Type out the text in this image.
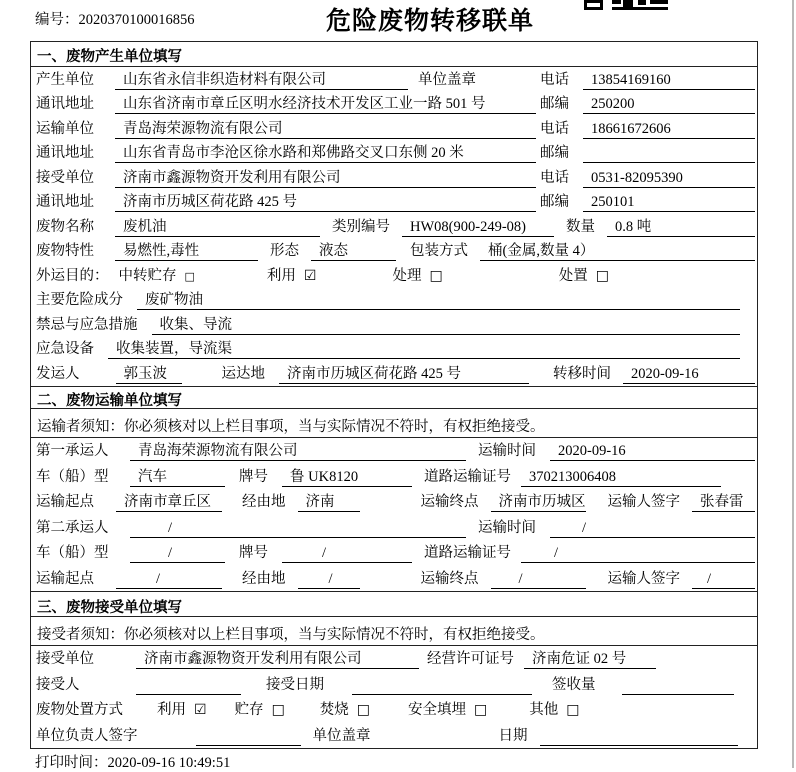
编号：2020370100016856	危险废物转移联单
一、废物产生单位填写
产生单位	山东省永信非织造材料有限公司	单位盖章	电话	13854169160
通讯地址	山东省济南市章丘区明水经济技术开发区工业一路 501 号	邮编	250200
运输单位	青岛海荣源物流有限公司	电话	18661672606
通讯地址	山东省青岛市李沧区徐水路和郑佛路交叉口东侧 20 米	邮编
接受单位	济南市鑫源物资开发利用有限公司	电话	0531-82095390
通讯地址	济南市历城区荷花路 425 号	邮编	250101
废物名称	废机油	类别编号	HW08(900-249-08)	数量	0.8 吨
废物特性	易燃性,毒性	形态	液态	包装方式	桶(金属,数量 4）
外运目的： 中转贮存 □	利用 ☑	处理 □	处置 □
主要危险成分	废矿物油
禁忌与应急措施	收集、导流
应急设备	收集装置，导流渠
发运人	郭玉波	运达地	济南市历城区荷花路 425 号	转移时间	2020-09-16
二、废物运输单位填写
运输者须知：你必须核对以上栏目事项，当与实际情况不符时，有权拒绝接受。
第一承运人	青岛海荣源物流有限公司	运输时间	2020-09-16
车（船）型	汽车	牌号	鲁 UK8120	道路运输证号	370213006408
运输起点	济南市章丘区	经由地	济南	运输终点	济南市历城区 运输人签字	张春雷
第二承运人	/	运输时间	/
车（船）型	/	牌号	/	道路运输证号	/
运输起点	/	经由地	/	运输终点	/	运输人签字	/
三、废物接受单位填写
接受者须知：你必须核对以上栏目事项，当与实际情况不符时，有权拒绝接受。
接受单位	济南市鑫源物资开发利用有限公司	经营许可证号	济南危证 02 号
接受人	接受日期	签收量
废物处置方式 利用 ☑ 贮存 □ 焚烧 □	安全填埋 □	其他 □
单位负责人签字	单位盖章	日期
打印时间：2020-09-16 10:49:51
